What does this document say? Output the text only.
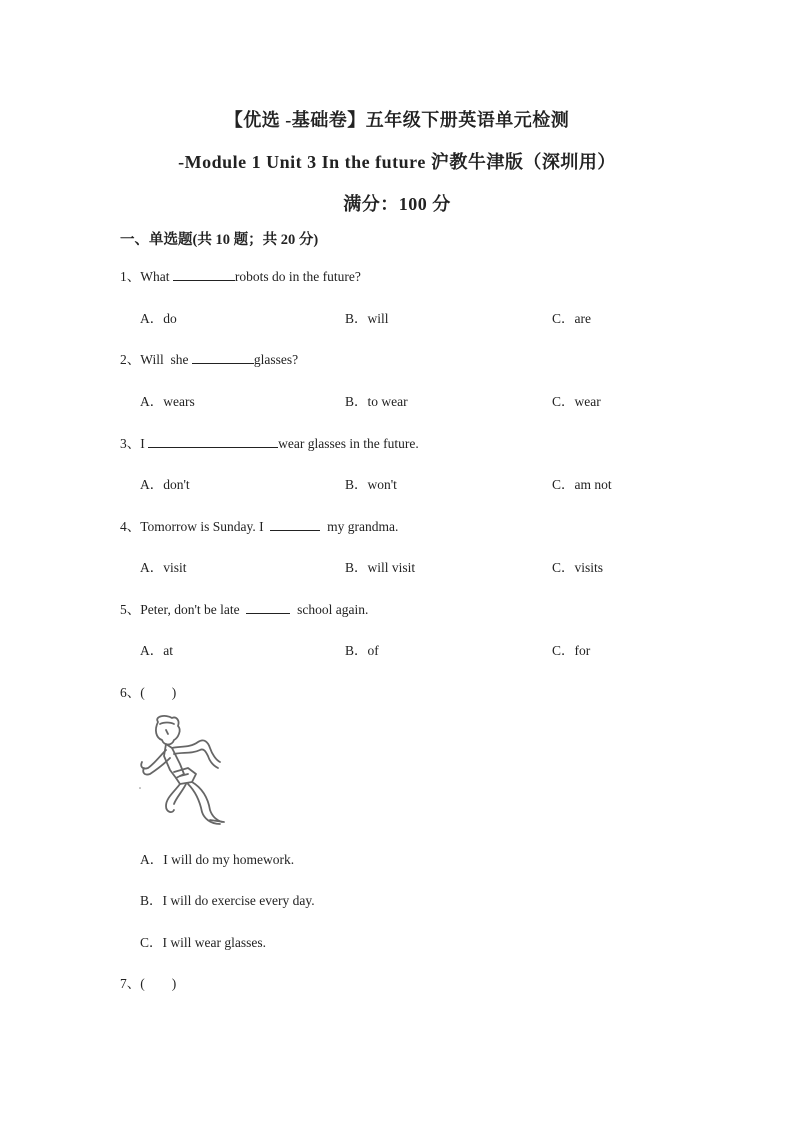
【优选 -基础卷】五年级下册英语单元检测
-Module 1 Unit 3 In the future 沪教牛津版（深圳用）
满分：100 分
一、单选题(共 10 题；共 20 分)
1、What	robots do in the future?
A．do	B．will	C．are
2、Will  she	glasses?
A．wears	B．to wear	C．wear
3、I	wear glasses in the future.
A．don't	B．won't	C．am not
4、Tomorrow is Sunday. I	my grandma.
A．visit	B．will visit	C．visits
5、Peter, don't be late	school again.
A．at	B．of	C．for
6、(　　)
A．I will do my homework.
B．I will do exercise every day.
C．I will wear glasses.
7、(　　)
